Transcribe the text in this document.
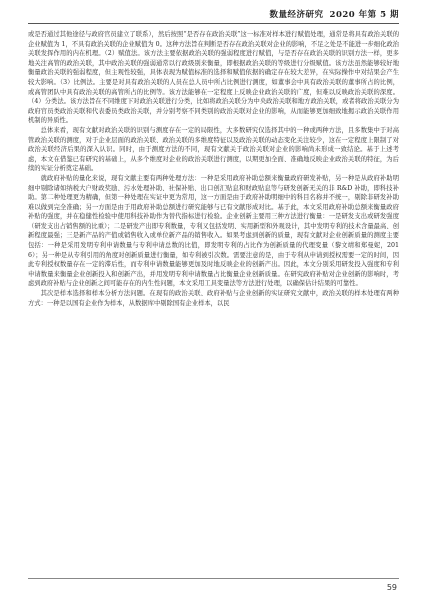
数量经济研究 2020 年第 5 期

或是否通过其他途径与政府官员建立了联系），然后按照“是否存在政治关联”这一标准对样本进行赋值处理，通常是将具有政治关联的企业赋值为 1，不具有政治关联的企业赋值为 0。这种方法旨在判断是否存在政治关联对企业的影响，不足之处是不能进一步细化政治关联发挥作用的内在机理。（2）赋值法。该方法主要依据政治关联的强弱程度进行赋值，与是否存在政治关联的识别方法一样，更多地关注高管的政治关联，其中政治关联的强弱通常以行政级别来衡量，即根据政治关联的等级进行分级赋值。该方法虽然能够较好地衡量政治关联的强弱程度，但主观性较强，具体表现为赋值标准的选择和赋值依据的确定存在较大差异，在实际操作中对结果会产生较大影响。（3）比例法。主要是对具有政治关联的人员在总人员中所占比例进行测度，如董事会中具有政治关联的董事所占的比例，或高管团队中具有政治关联的高管所占的比例等。该方法能够在一定程度上反映企业政治关联的广度，但难以反映政治关联的深度。（4）分类法。该方法旨在不同维度下对政治关联进行分类，比如将政治关联分为中央政治关联和地方政治关联，或者将政治关联分为政府官员类政治关联和代表委员类政治关联，并分别考察不同类别的政治关联对企业的影响，从而能够更加细致地揭示政治关联作用机制的异质性。

总体来看，现有文献对政治关联的识别与测度存在一定的局限性，大多数研究仅选择其中的一种或两种方法，且多数集中于对高管政治关联的测度，对于企业层面的政治关联、政治关联的多维度特征以及政治关联的动态变化关注较少，这在一定程度上限制了对政治关联经济后果的深入认识。同时，由于测度方法的不同，现有文献关于政治关联对企业的影响尚未形成一致结论。基于上述考虑，本文在借鉴已有研究的基础上，从多个维度对企业的政治关联进行测度，以期更加全面、准确地反映企业政治关联的特征，为后续的实证分析奠定基础。

就政府补贴的量化来说，现有文献主要有两种处理方法：一种是采用政府补助总额来衡量政府研发补贴，另一种是从政府补助明细中剔除诸如纳税大户财政奖励、污水处理补助、社保补贴、出口创汇贴息和财政贴息等与研发创新无关的非 R&D 补助，即科技补助。第二种处理更为精确，但第一种处理在实证中更为常用，这一方面是由于政府补助明细中的科目名称并不统一，剔除非研发补助难以做到完全准确；另一方面是由于用政府补助总额进行研究能够与已有文献形成对比。基于此，本文采用政府补助总额来衡量政府补贴的强度，并在稳健性检验中使用科技补助作为替代指标进行检验。企业创新主要用三种方法进行衡量：一是研发支出或研发强度（研发支出占销售额的比重）；二是研发产出即专利数量，专利又包括发明、实用新型和外观设计，其中发明专利的技术含量最高、创新程度最强；三是新产品的产值或销售收入或单位新产品的销售收入。如果考虑到创新的质量，现有文献对企业创新质量的测度主要包括：一种是采用发明专利申请数量与专利申请总数的比值，即发明专利的占比作为创新质量的代理变量（黎文靖和郑曼妮，2016）；另一种是从专利引用的角度对创新质量进行衡量，如专利被引次数。需要注意的是，由于专利从申请到授权需要一定的时间，因此专利授权数量存在一定的滞后性，而专利申请数量能够更加及时地反映企业的创新产出。因此，本文分别采用研发投入强度和专利申请数量来衡量企业创新投入和创新产出，并用发明专利申请数量占比衡量企业创新质量。在研究政府补贴对企业创新的影响时，考虑到政府补贴与企业创新之间可能存在的内生性问题，本文采用工具变量法等方法进行处理，以确保估计结果的可靠性。

其次是样本选择和样本分析方法问题。在现有的政治关联、政府补贴与企业创新的实证研究文献中，政治关联的样本处理有两种方式：一种是以国有企业作为样本，从数据库中剔除国有企业样本，以民

59
